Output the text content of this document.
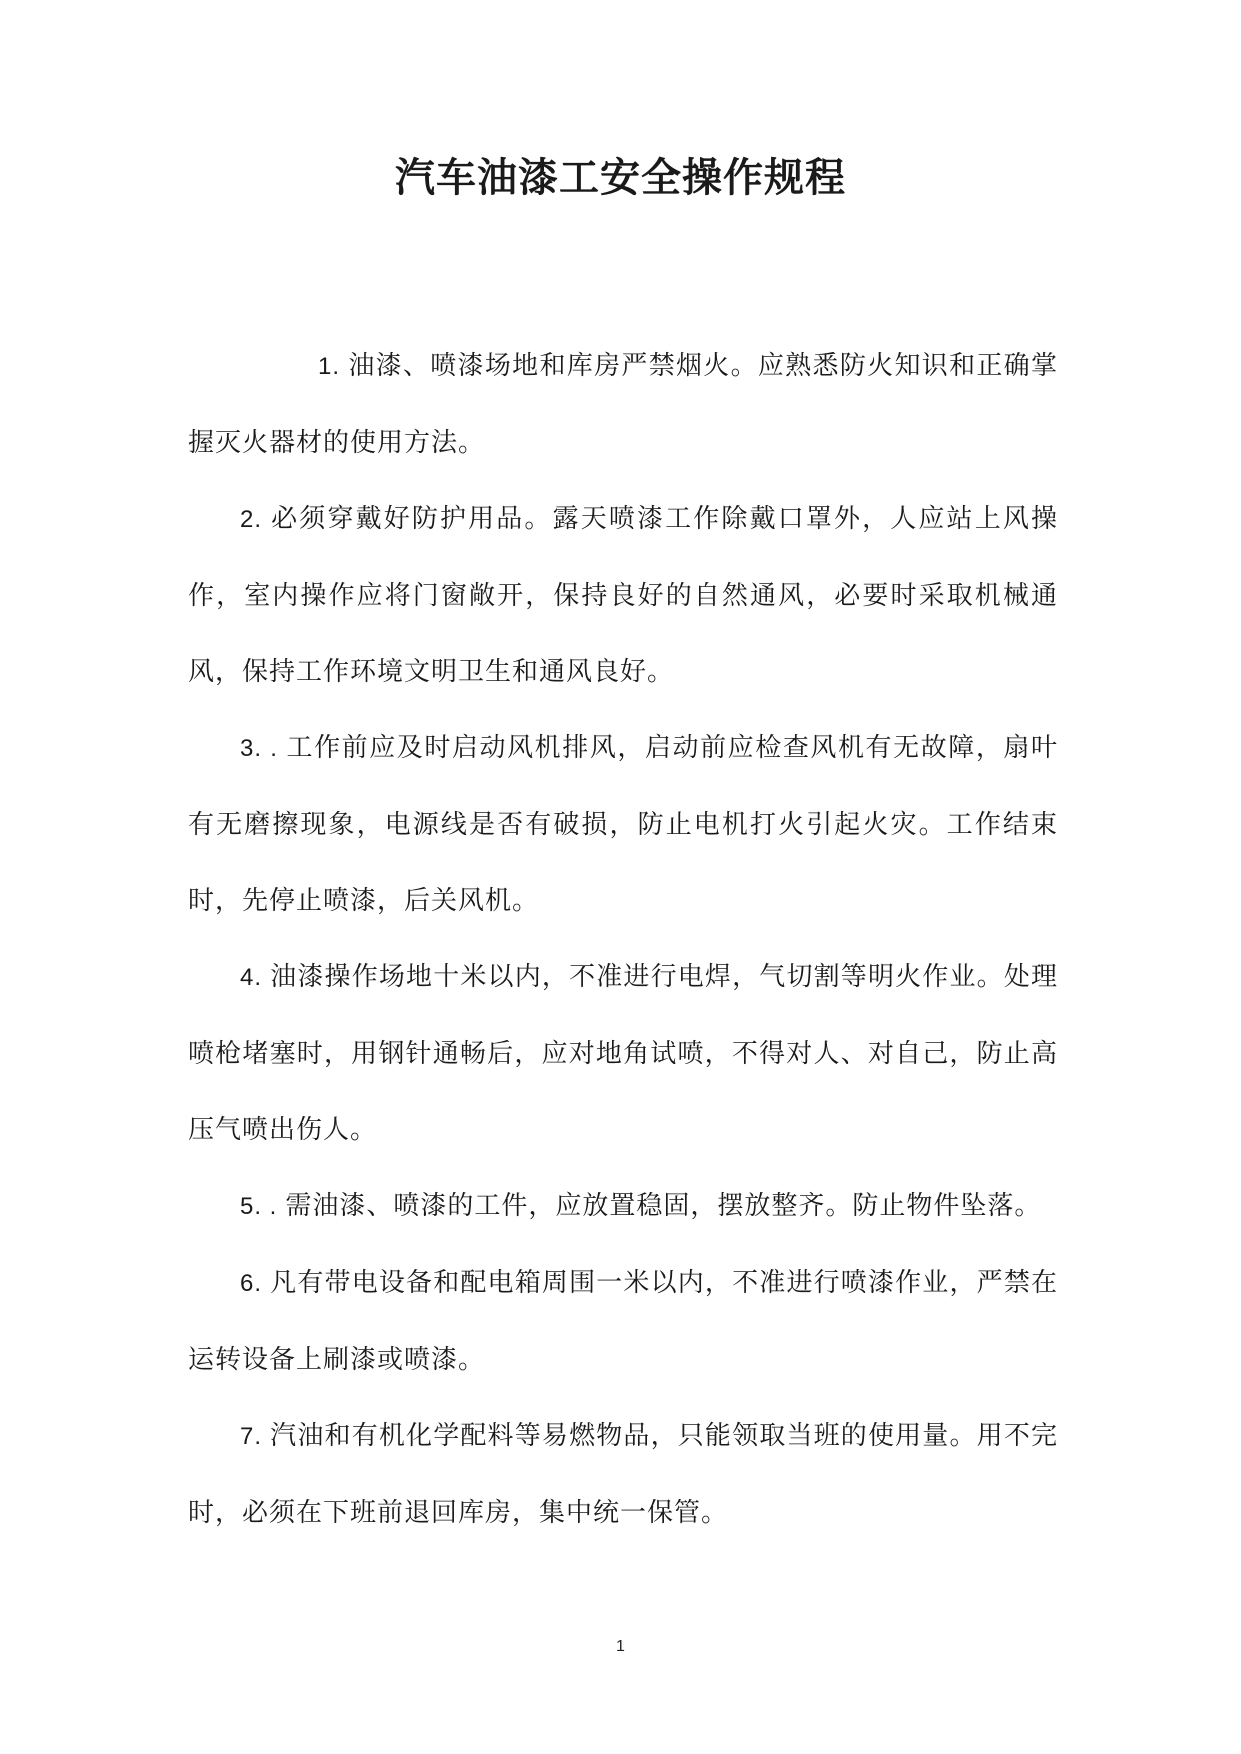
汽车油漆工安全操作规程

1. 油漆、喷漆场地和库房严禁烟火。应熟悉防火知识和正确掌握灭火器材的使用方法。

2. 必须穿戴好防护用品。露天喷漆工作除戴口罩外，人应站上风操作，室内操作应将门窗敞开，保持良好的自然通风，必要时采取机械通风，保持工作环境文明卫生和通风良好。

3. . 工作前应及时启动风机排风，启动前应检查风机有无故障，扇叶有无磨擦现象，电源线是否有破损，防止电机打火引起火灾。工作结束时，先停止喷漆，后关风机。

4. 油漆操作场地十米以内，不准进行电焊，气切割等明火作业。处理喷枪堵塞时，用钢针通畅后，应对地角试喷，不得对人、对自己，防止高压气喷出伤人。

5. . 需油漆、喷漆的工件，应放置稳固，摆放整齐。防止物件坠落。

6. 凡有带电设备和配电箱周围一米以内，不准进行喷漆作业，严禁在运转设备上刷漆或喷漆。

7. 汽油和有机化学配料等易燃物品，只能领取当班的使用量。用不完时，必须在下班前退回库房，集中统一保管。

1
